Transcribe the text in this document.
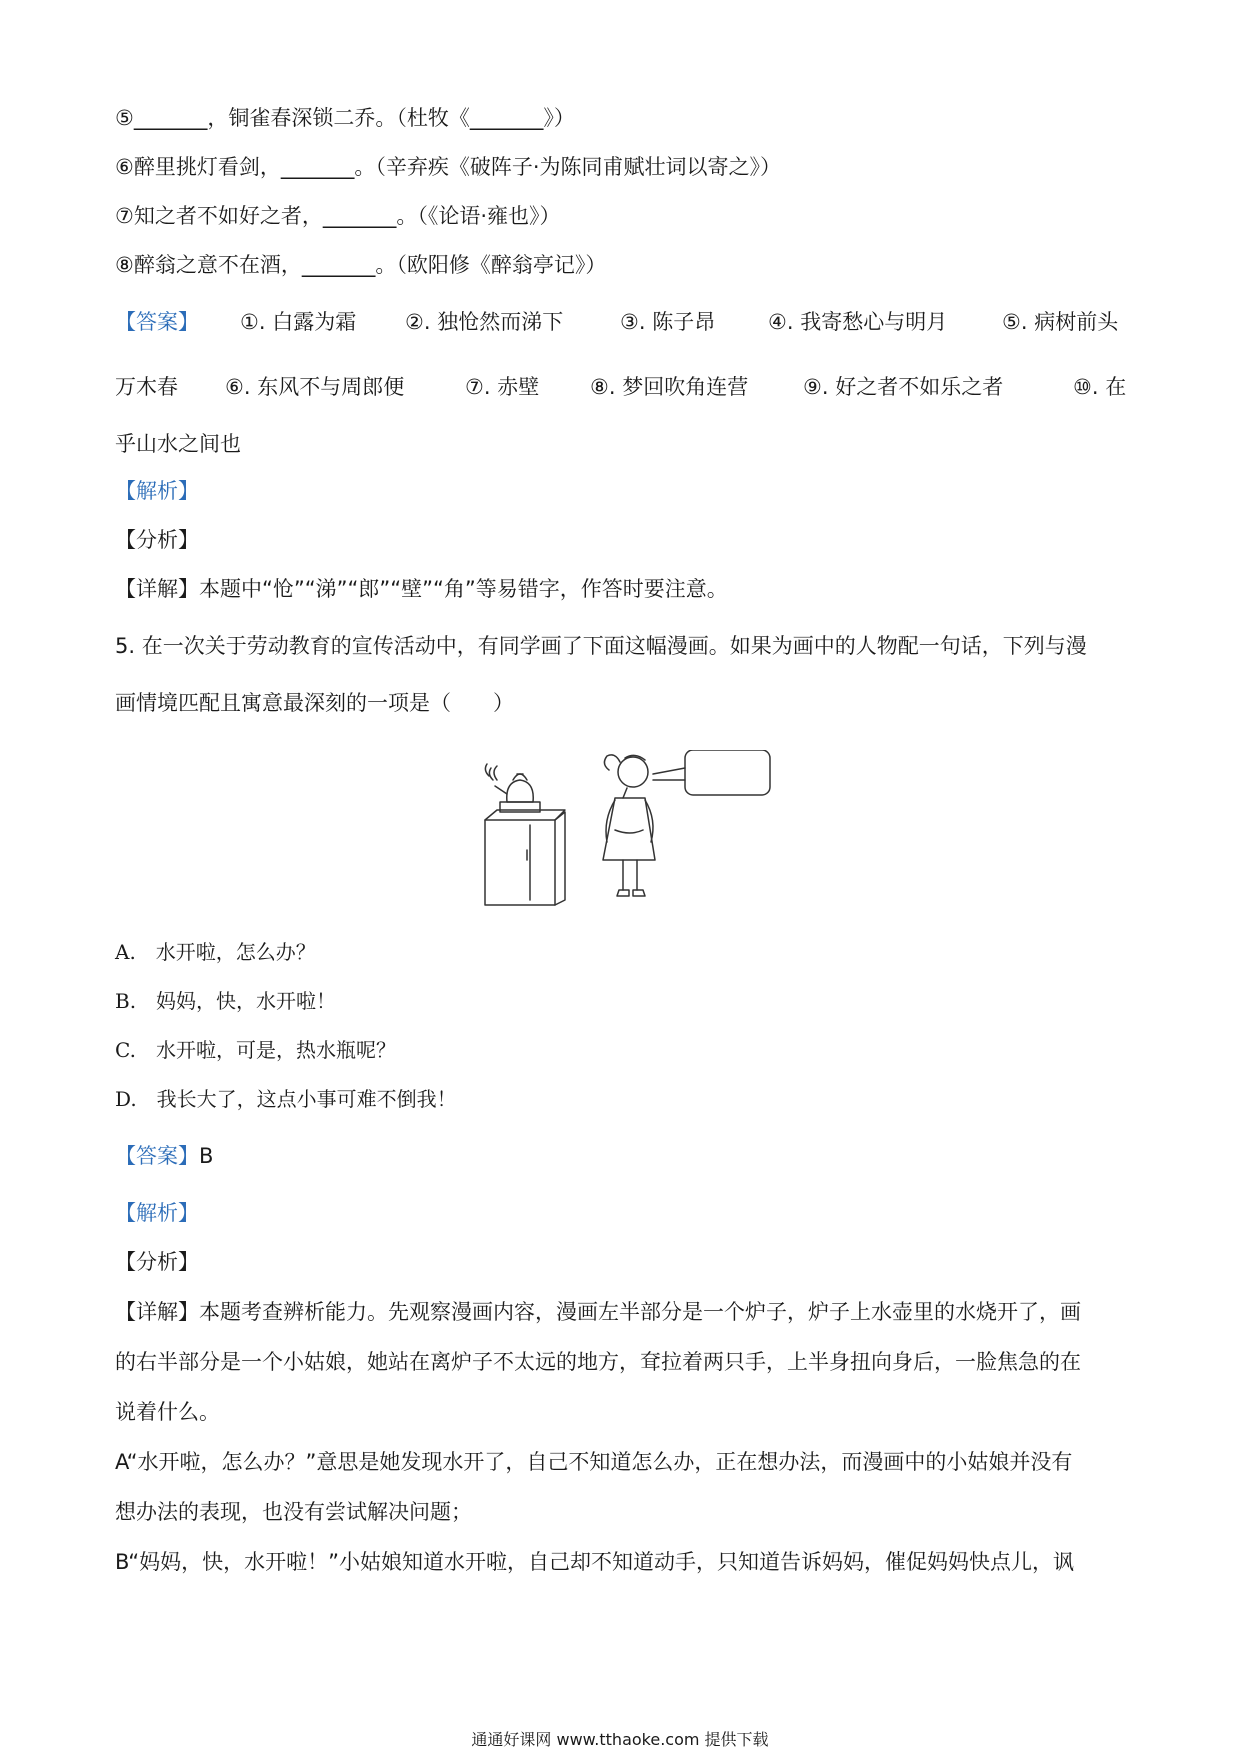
⑤_______，铜雀春深锁二乔。（杜牧《_______》）
⑥醉里挑灯看剑，_______。（辛弃疾《破阵子·为陈同甫赋壮词以寄之》）
⑦知之者不如好之者，_______。（《论语·雍也》）
⑧醉翁之意不在酒，_______。（欧阳修《醉翁亭记》）
【答案】 ①. 白露为霜 ②. 独怆然而涕下	③. 陈子昂	④. 我寄愁心与明月	⑤. 病树前头
万木春 ⑥. 东风不与周郎便	⑦. 赤壁 ⑧. 梦回吹角连营	⑨. 好之者不如乐之者	⑩. 在
乎山水之间也
【解析】
【分析】
【详解】本题中“怆”“涕”“郎”“壁”“角”等易错字，作答时要注意。
5. 在一次关于劳动教育的宣传活动中，有同学画了下面这幅漫画。如果为画中的人物配一句话，下列与漫
画情境匹配且寓意最深刻的一项是（　　）
A.　水开啦，怎么办？
B.　妈妈，快，水开啦！
C.　水开啦，可是，热水瓶呢？
D.　我长大了，这点小事可难不倒我！
【答案】B
【解析】
【分析】
【详解】本题考查辨析能力。先观察漫画内容，漫画左半部分是一个炉子，炉子上水壶里的水烧开了，画
的右半部分是一个小姑娘，她站在离炉子不太远的地方，耷拉着两只手，上半身扭向身后，一脸焦急的在
说着什么。
A“水开啦，怎么办？”意思是她发现水开了，自己不知道怎么办，正在想办法，而漫画中的小姑娘并没有
想办法的表现，也没有尝试解决问题；
B“妈妈，快，水开啦！”小姑娘知道水开啦，自己却不知道动手，只知道告诉妈妈，催促妈妈快点儿，讽
通通好课网 www.tthaoke.com 提供下载
